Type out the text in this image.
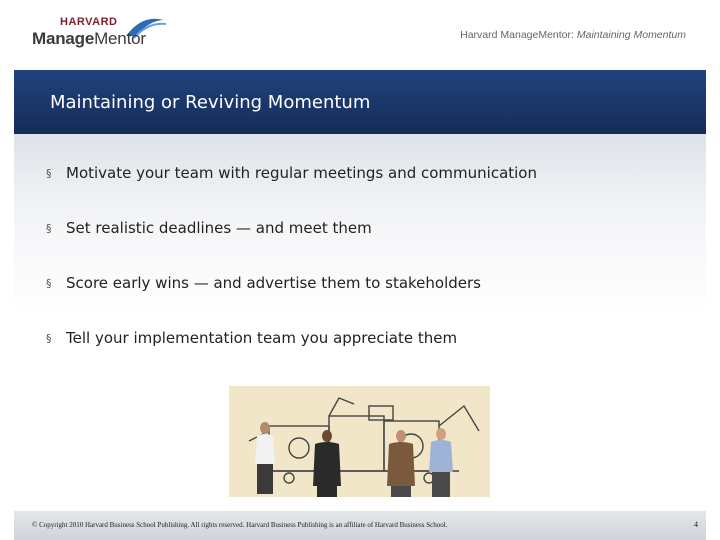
HARVARD
ManageMentor	Harvard ManageMentor: Maintaining Momentum
Maintaining or Reviving Momentum
§ Motivate your team with regular meetings and communication
§ Set realistic deadlines — and meet them
§ Score early wins — and advertise them to stakeholders
§ Tell your implementation team you appreciate them
© Copyright 2010 Harvard Business School Publishing. All rights reserved. Harvard Business Publishing is an affiliate of Harvard Business School.	4
